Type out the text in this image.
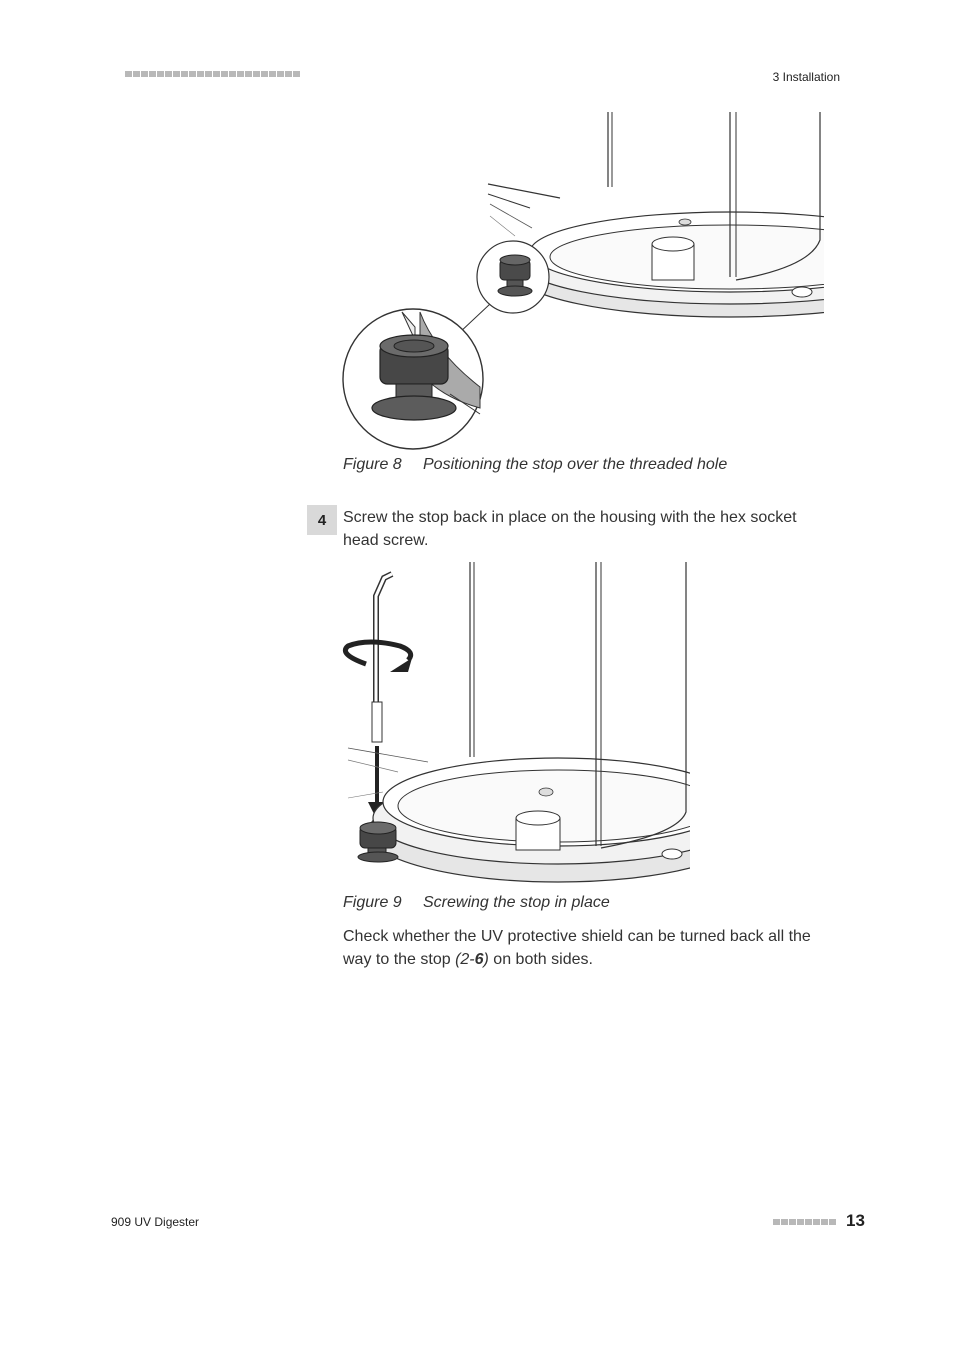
3 Installation
Figure 8 Positioning the stop over the threaded hole
4	Screw the stop back in place on the housing with the hex socket head screw.
Figure 9 Screwing the stop in place
Check whether the UV protective shield can be turned back all the way to the stop (2-6) on both sides.
909 UV Digester	13
